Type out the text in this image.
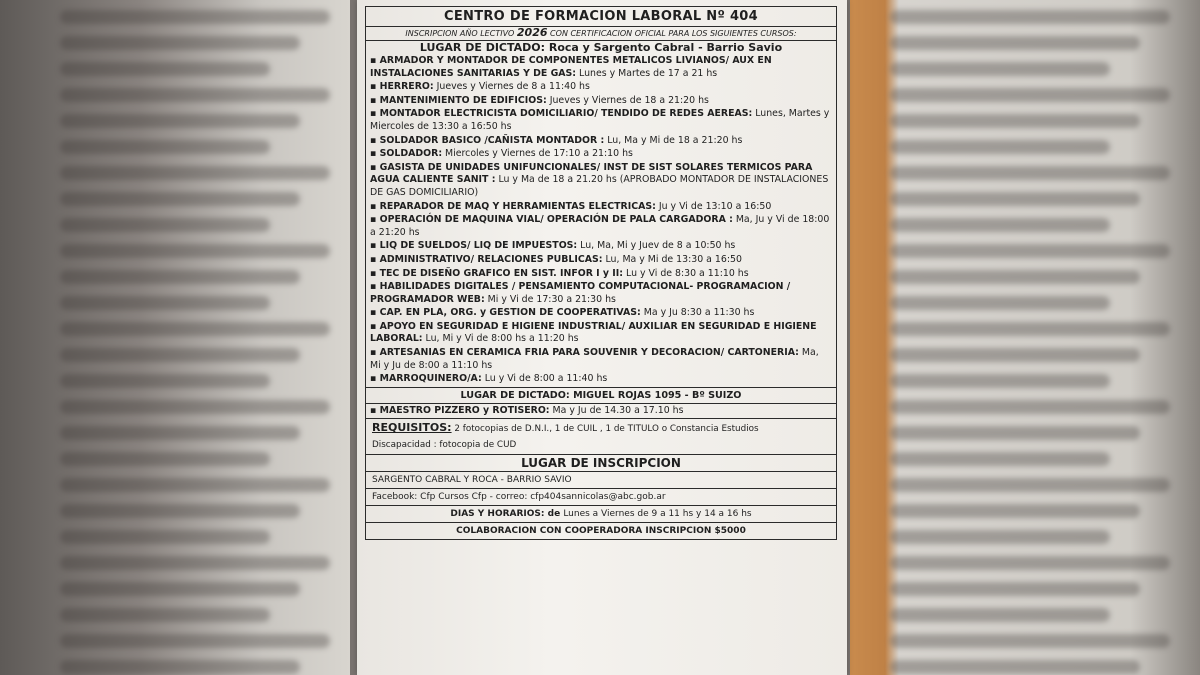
CENTRO DE FORMACION LABORAL Nº 404
INSCRIPCION AÑO LECTIVO 2026 CON CERTIFICACION OFICIAL PARA LOS SIGUIENTES CURSOS:
LUGAR DE DICTADO: Roca y Sargento Cabral - Barrio Savio
▪ ARMADOR Y MONTADOR DE COMPONENTES METALICOS LIVIANOS/ AUX EN INSTALACIONES SANITARIAS Y DE GAS: Lunes y Martes de 17 a 21 hs
▪ HERRERO: Jueves y Viernes de 8 a 11:40 hs
▪ MANTENIMIENTO DE EDIFICIOS: Jueves y Viernes de 18 a 21:20 hs
▪ MONTADOR ELECTRICISTA DOMICILIARIO/ TENDIDO DE REDES AEREAS: Lunes, Martes y Miercoles de 13:30 a 16:50 hs
▪ SOLDADOR BASICO /CAÑISTA MONTADOR : Lu, Ma y Mi de 18 a 21:20 hs
▪ SOLDADOR: Miercoles y Viernes de 17:10 a 21:10 hs
▪ GASISTA DE UNIDADES UNIFUNCIONALES/ INST DE SIST SOLARES TERMICOS PARA AGUA CALIENTE SANIT : Lu y Ma de 18 a 21.20 hs (APROBADO MONTADOR DE INSTALACIONES DE GAS DOMICILIARIO)
▪ REPARADOR DE MAQ Y HERRAMIENTAS ELECTRICAS: Ju y Vi de 13:10 a 16:50
▪ OPERACIÓN DE MAQUINA VIAL/ OPERACIÓN DE PALA CARGADORA : Ma, Ju y Vi de 18:00 a 21:20 hs
▪ LIQ DE SUELDOS/ LIQ DE IMPUESTOS: Lu, Ma, Mi y Juev de 8 a 10:50 hs
▪ ADMINISTRATIVO/ RELACIONES PUBLICAS: Lu, Ma y Mi de 13:30 a 16:50
▪ TEC DE DISEÑO GRAFICO EN SIST. INFOR I y II: Lu y Vi de 8:30 a 11:10 hs
▪ HABILIDADES DIGITALES / PENSAMIENTO COMPUTACIONAL- PROGRAMACION / PROGRAMADOR WEB: Mi y Vi de 17:30 a 21:30 hs
▪ CAP. EN PLA, ORG. y GESTION DE COOPERATIVAS: Ma y Ju 8:30 a 11:30 hs
▪ APOYO EN SEGURIDAD E HIGIENE INDUSTRIAL/ AUXILIAR EN SEGURIDAD E HIGIENE LABORAL: Lu, Mi y Vi de 8:00 hs a 11:20 hs
▪ ARTESANIAS EN CERAMICA FRIA PARA SOUVENIR Y DECORACION/ CARTONERIA: Ma, Mi y Ju de 8:00 a 11:10 hs
▪ MARROQUINERO/A: Lu y Vi de 8:00 a 11:40 hs
LUGAR DE DICTADO: MIGUEL ROJAS 1095 - Bº SUIZO
▪ MAESTRO PIZZERO y ROTISERO: Ma y Ju de 14.30 a 17.10 hs
REQUISITOS: 2 fotocopias de D.N.I., 1 de CUIL , 1 de TITULO o Constancia Estudios
Discapacidad : fotocopia de CUD
LUGAR DE INSCRIPCION
SARGENTO CABRAL Y ROCA - BARRIO SAVIO
Facebook: Cfp Cursos Cfp - correo: cfp404sannicolas@abc.gob.ar
DIAS Y HORARIOS: de Lunes a Viernes de 9 a 11 hs y 14 a 16 hs
COLABORACION CON COOPERADORA INSCRIPCION $5000
